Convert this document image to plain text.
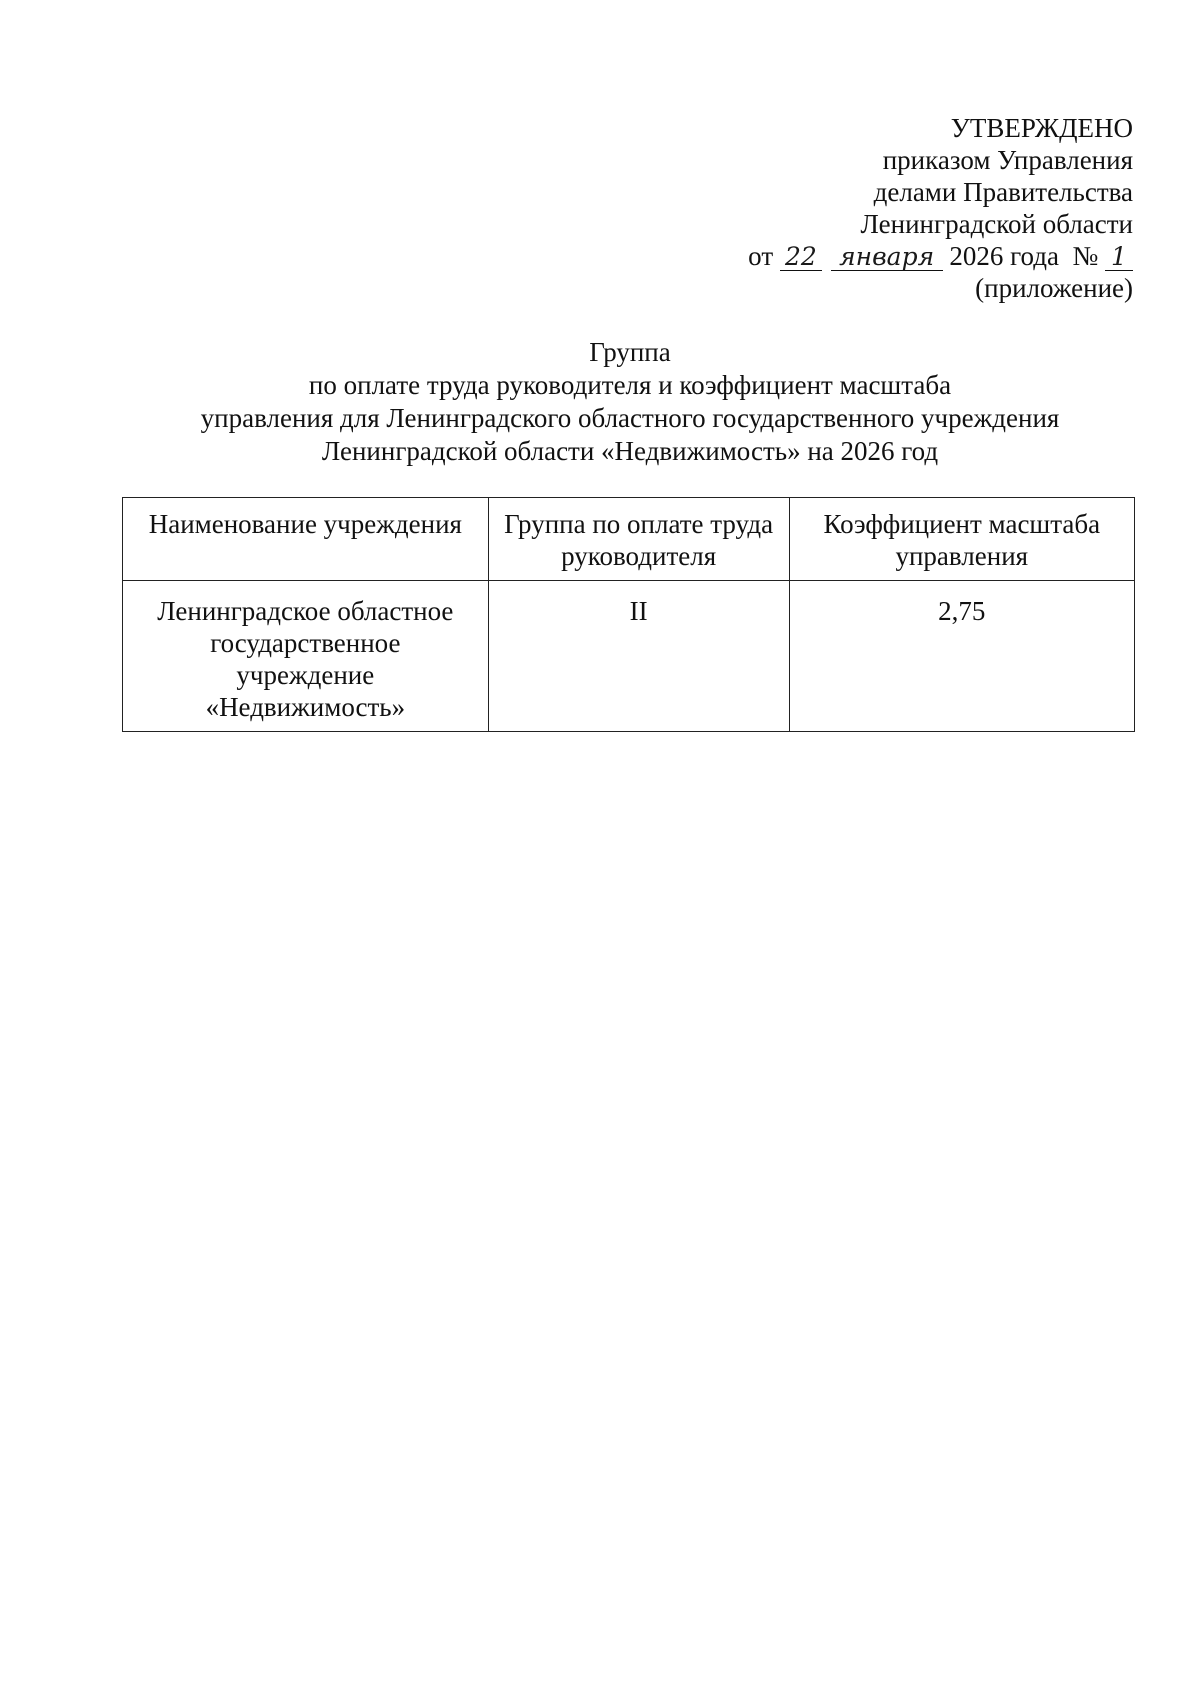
УТВЕРЖДЕНО
приказом Управления
делами Правительства
Ленинградской области
от 22 января 2026 года № 1
(приложение)
Группа
по оплате труда руководителя и коэффициент масштаба
управления для Ленинградского областного государственного учреждения
Ленинградской области «Недвижимость» на 2026 год
Наименование учреждения	Группа по оплате труда руководителя	Коэффициент масштаба управления

Ленинградское областное
государственное
учреждение
«Недвижимость»	II	2,75
